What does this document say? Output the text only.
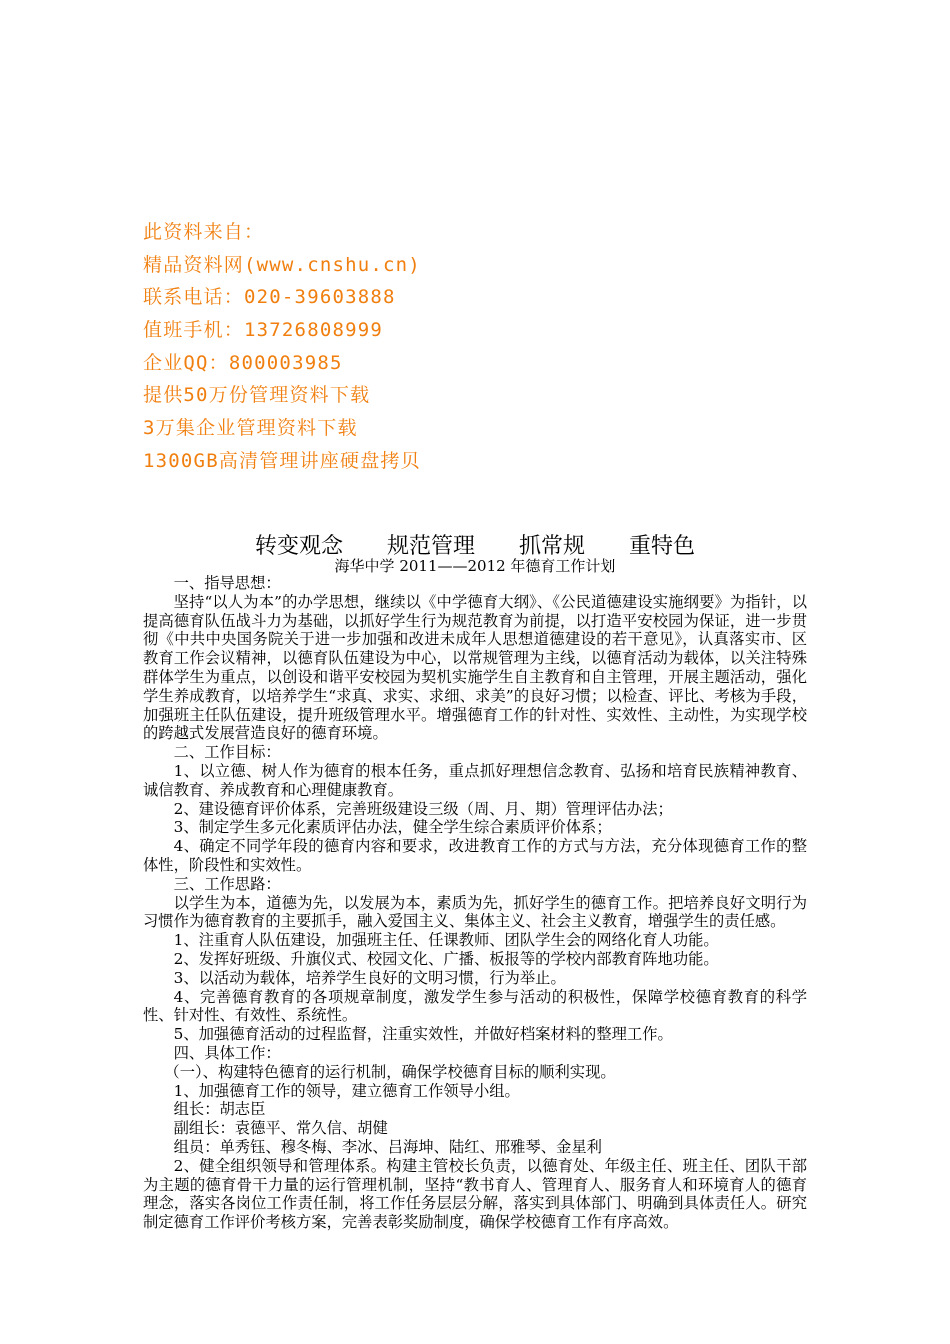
此资料来自：
精品资料网(www.cnshu.cn)
联系电话：020-39603888
值班手机：13726808999
企业QQ：800003985
提供50万份管理资料下载
3万集企业管理资料下载
1300GB高清管理讲座硬盘拷贝
转变观念　　规范管理　　抓常规　　重特色
海华中学 2011——2012 年德育工作计划

一、指导思想：

坚持“以人为本”的办学思想，继续以《中学德育大纲》、《公民道德建设实施纲要》为指针，以提高德育队伍战斗力为基础，以抓好学生行为规范教育为前提，以打造平安校园为保证，进一步贯彻《中共中央国务院关于进一步加强和改进未成年人思想道德建设的若干意见》，认真落实市、区教育工作会议精神，以德育队伍建设为中心，以常规管理为主线，以德育活动为载体，以关注特殊群体学生为重点，以创设和谐平安校园为契机实施学生自主教育和自主管理，开展主题活动，强化学生养成教育，以培养学生“求真、求实、求细、求美”的良好习惯；以检查、评比、考核为手段，加强班主任队伍建设，提升班级管理水平。增强德育工作的针对性、实效性、主动性，为实现学校的跨越式发展营造良好的德育环境。

二、工作目标：

1、以立德、树人作为德育的根本任务，重点抓好理想信念教育、弘扬和培育民族精神教育、诚信教育、养成教育和心理健康教育。

2、建设德育评价体系，完善班级建设三级（周、月、期）管理评估办法；

3、制定学生多元化素质评估办法，健全学生综合素质评价体系；

4、确定不同学年段的德育内容和要求，改进教育工作的方式与方法，充分体现德育工作的整体性，阶段性和实效性。

三、工作思路：

以学生为本，道德为先，以发展为本，素质为先，抓好学生的德育工作。把培养良好文明行为习惯作为德育教育的主要抓手，融入爱国主义、集体主义、社会主义教育，增强学生的责任感。

1、注重育人队伍建设，加强班主任、任课教师、团队学生会的网络化育人功能。

2、发挥好班级、升旗仪式、校园文化、广播、板报等的学校内部教育阵地功能。

3、以活动为载体，培养学生良好的文明习惯，行为举止。

4、完善德育教育的各项规章制度，激发学生参与活动的积极性，保障学校德育教育的科学性、针对性、有效性、系统性。

5、加强德育活动的过程监督，注重实效性，并做好档案材料的整理工作。

四、具体工作：

（一）、构建特色德育的运行机制，确保学校德育目标的顺利实现。

1、加强德育工作的领导，建立德育工作领导小组。

组长：胡志臣

副组长：袁德平、常久信、胡健

组员：单秀钰、穆冬梅、李冰、吕海坤、陆红、邢雅琴、金星利

2、健全组织领导和管理体系。构建主管校长负责，以德育处、年级主任、班主任、团队干部为主题的德育骨干力量的运行管理机制，坚持“教书育人、管理育人、服务育人和环境育人的德育理念，落实各岗位工作责任制，将工作任务层层分解，落实到具体部门、明确到具体责任人。研究制定德育工作评价考核方案，完善表彰奖励制度，确保学校德育工作有序高效。
